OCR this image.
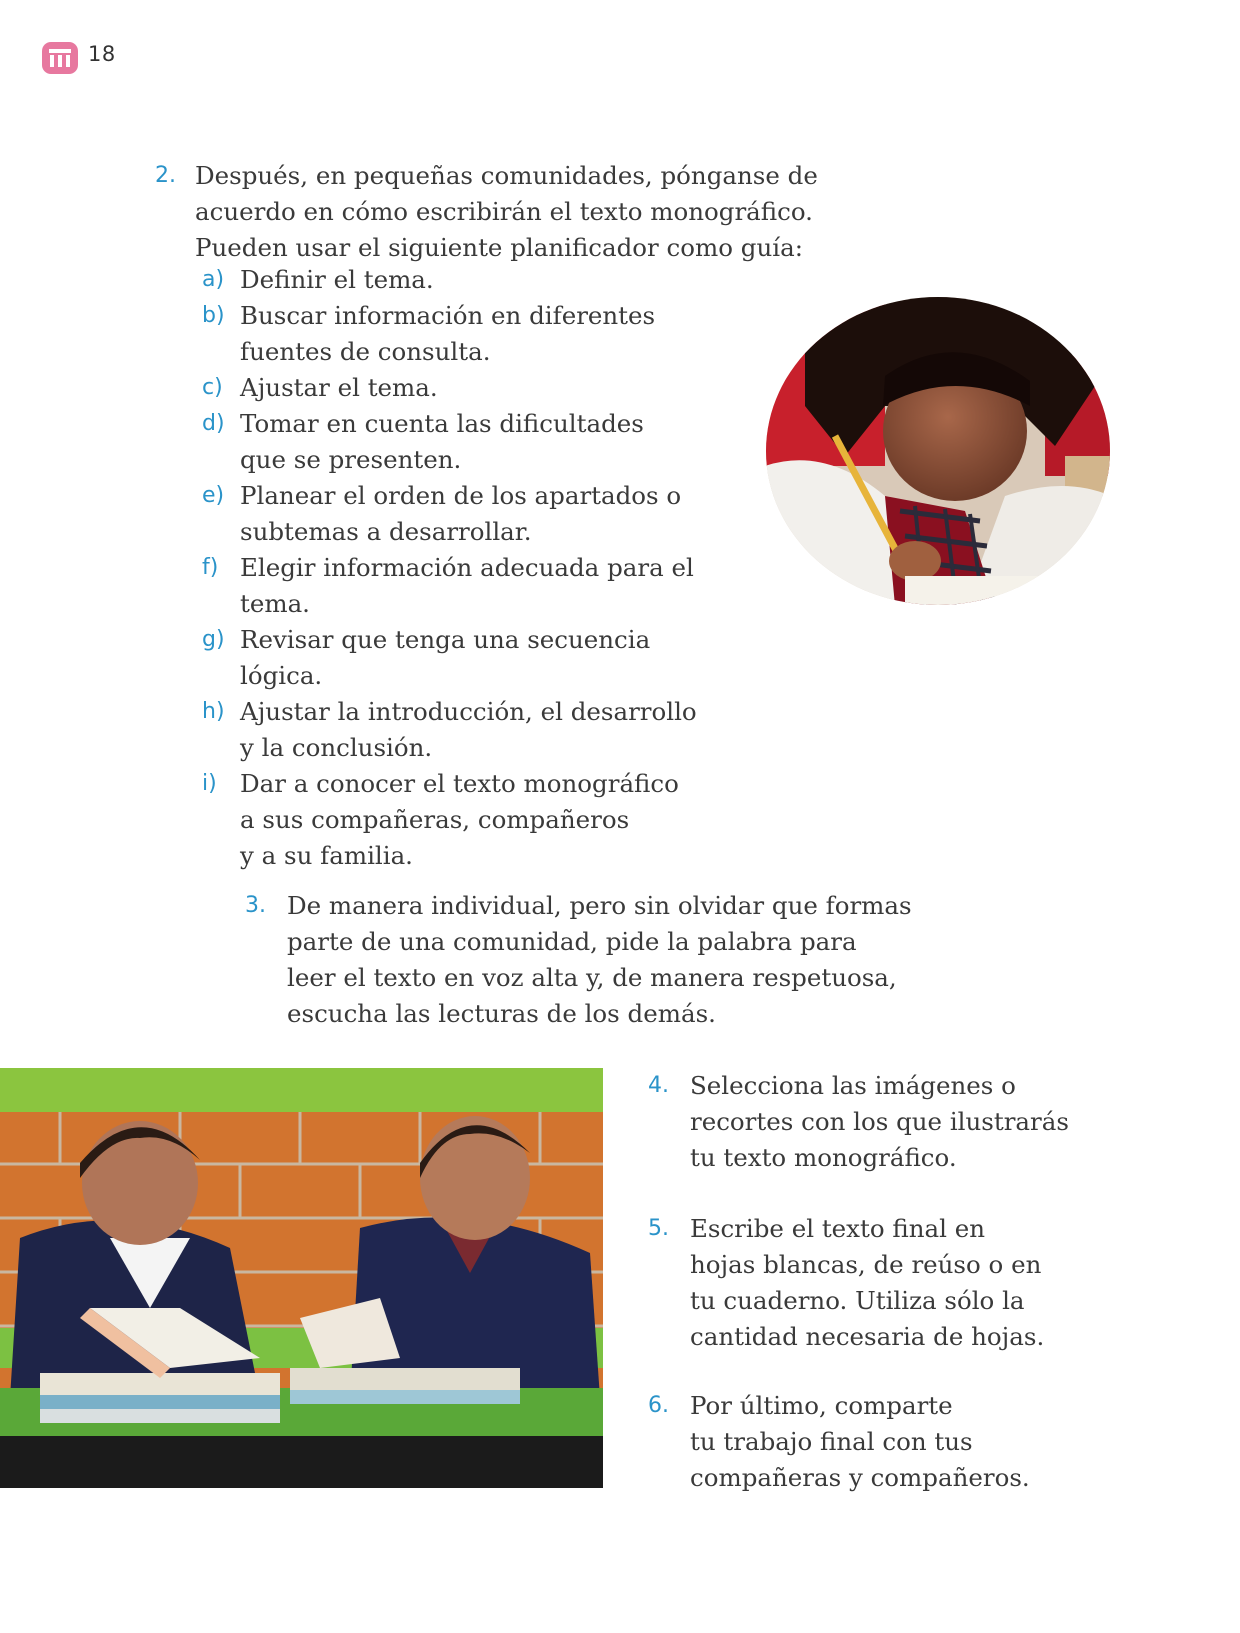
18
2. Después, en pequeñas comunidades, pónganse de
acuerdo en cómo escribirán el texto monográfico.
Pueden usar el siguiente planificador como guía:
a) Definir el tema.
b) Buscar información en diferentes
fuentes de consulta.
c) Ajustar el tema.
d) Tomar en cuenta las dificultades
que se presenten.
e) Planear el orden de los apartados o
subtemas a desarrollar.
f) Elegir información adecuada para el
tema.
g) Revisar que tenga una secuencia
lógica.
h) Ajustar la introducción, el desarrollo
y la conclusión.
i) Dar a conocer el texto monográfico
a sus compañeras, compañeros
y a su familia.
3. De manera individual, pero sin olvidar que formas
parte de una comunidad, pide la palabra para
leer el texto en voz alta y, de manera respetuosa,
escucha las lecturas de los demás.
4. Selecciona las imágenes o
recortes con los que ilustrarás
tu texto monográfico.
5. Escribe el texto final en
hojas blancas, de reúso o en
tu cuaderno. Utiliza sólo la
cantidad necesaria de hojas.
6. Por último, comparte
tu trabajo final con tus
compañeras y compañeros.
